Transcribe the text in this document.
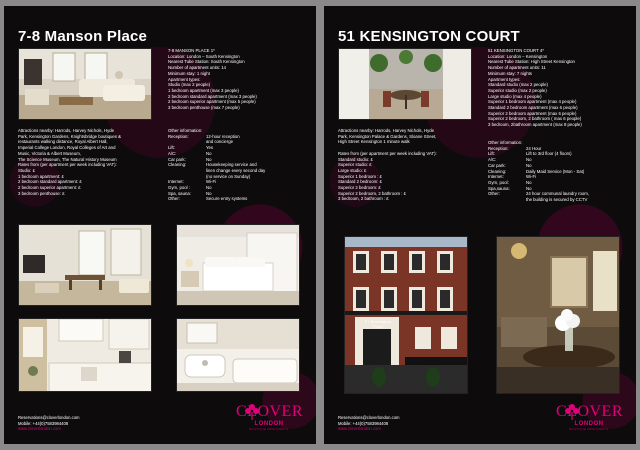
7-8 Manson Place
7-8 MANSON PLACE 1*
Location: London – South Kensington
Nearest Tube Station: South Kensington
Number of apartment units: 14
Minimum stay: 1 night
Apartment types:
Studio (max 2 people)
1 bedroom apartment (max 3 people)
2 bedroom standard apartment (max 3 people)
2 bedroom superior apartment (max 5 people)
3 bedroom penthouse (max 7 people)
Attractions nearby: Harrods, Harvey Nichols, Hyde
Park, Kensington Gardens, Knightsbridge boutiques &
restaurants walking distance, Royal Albert Hall,
Imperial College London, Royal Colleges of Art and
Music, Victoria & Albert Museum,
The Science Museum, The Natural History Museum
Rates from (per apartment per week including VAT):
Studio: £
1 bedroom apartment: £
2 bedroom standard apartment: £
2 bedroom superior apartment: £
3 bedroom penthouse: £
Other information:
Reception:	12-hour reception
and concierge
Lift:	Yes
A/C:	No
Car park:	No
Cleaning:	Housekeeping service and
linen change every second day
(no service on Sunday)
Internet:	Wi-Fi
Gym, pool :	No
Spa, sauna:	No
Other:	Secure entry systems
Reservations@cloverlondon.com
Mobile: +44(0)7583984408
www.cloverlondon.com
CLOVER
LONDON
BOUTIQUE APARTMENTS
51 KENSINGTON COURT
51 KENSINGTON COURT 4*
Location: London – Kensington
Nearest Tube Station: High Street Kensington
Number of apartment units: 11
Minimum stay: 7 nights
Apartment types:
Standard studio (max 2 people)
Superior studio (max 2 people)
Large studio (max 4 people)
Superior 1 bedroom apartment (max 4 people)
Standard 2 bedroom apartment (max 6 people)
Superior 2 bedroom apartment (max 6 people)
Superior 2 bedroom, 2 bathroom ( max 6 people)
3 bedroom, 2bathroom apartment (max 8 people)
Attractions nearby: Harrods, Harvey Nichols, Hyde
Park, Kensington Palace & Gardens, Sloane Street,
High Street Kensington 1 minute walk
Rates from (per apartment per week including VAT):
Standard studio: £
Superior studio: £
Large studio: £
Superior 1 bedroom : £
Standard 2 bedroom: £
Superior 2 bedroom: £
Superior 2 bedroom, 2 bathroom : £
3 bedroom, 2 bathroom : £
Other information:
Reception:	24 Hour
Lift:	Lift to 3rd floor (4 floors)
A/C:	No
Car park:	No
Cleaning:	Daily Maid Service (Mon - Sat)
Internet:	Wi-Fi
Gym, pool:	No
Spa,sauna:	No
Other:	24 hour communal laundry room,
the building is secured by CCTV
51 Kensington Court
Reservations@cloverlondon.com
Mobile: +44(0)7583984408
www.cloverlondon.com
CLOVER
LONDON
BOUTIQUE APARTMENTS
